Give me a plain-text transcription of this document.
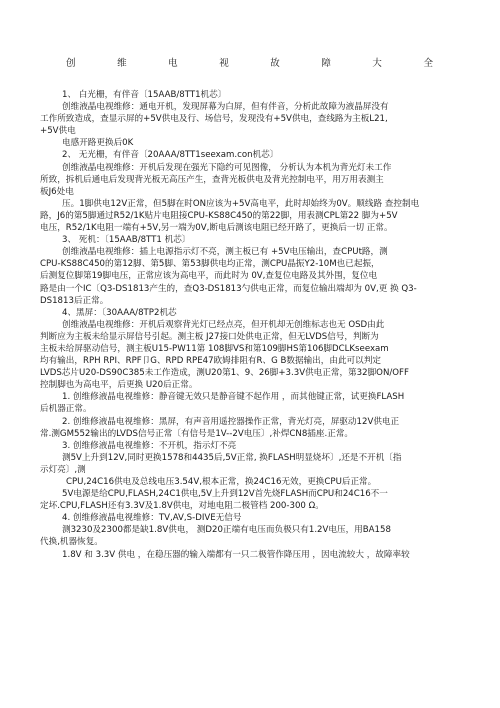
创	维	电	视	故	障	大	全

1、 白光栅，有伴音〔15AAB/8TT1机芯〕

创维液晶电视维修：通电开机，发现屏幕为白屏，但有伴音，分析此故障为液晶屏没有

工作所致造成，查显示屏的+5V供电及行、场信号，发现没有+5V供电，查线路为主板L21,

+5V供电

电感开路更换后0K

2、 无光栅，有伴音〔20AAA/8TT1seexam.con机芯〕

创维液晶电视维修：开机后发现在强光下隐约可见图像， 分析认为本机为背光灯未工作

所致，拆机后通电后发现背光板无高压产生，查背光板供电及背光控制电平，用万用表测主

板J6处电

压。1脚供电12V正常，但5脚在时ON应该为+5V高电平，此时却始终为0V。顺线路 查控制电

路，J6的第5脚通过R52/1K贴片电阻接CPU-KS88C450的第22脚，用表测CPL第22 脚为+5V

电压，R52/1K电阻一端有+5V,另一端为0V,断电后测该电阻已经开路了，更换后一切 正常。

3、 死机：〔15AAB/8TT1 机芯〕

创维液晶电视维修：插上电源指示灯不亮，测主板已有 +5V电压输出，查CPUt路，测

CPU-KS88C450的第12脚、第5脚、第53脚供电均正常，测CPU晶振Y2-10M也已起振，

后测复位脚第19脚电压，正常应该为高电平，而此时为 0V,查复位电路及其外围，复位电

路是由一个IC〔Q3-DS1813产生的，查Q3-DS1813勺供电正常，而复位输出端却为 0V,更 换 Q3-

DS1813后正常。

4、黑屏：〔30AAA/8TP2机芯

创维液晶电视维修：开机后观察背光灯已经点亮，但开机却无创维标志也无 OSD由此

判断应为主板未给显示屏信号引起。测主板 J27接口处供电正常，但无LVDS信号，判断为

主板未给屏驱动信号，测主板U15-PW11第 108脚VS和第109脚HS第106脚DCLKseexam

均有输出，RPH RPI、RPF卩G、RPD RPE47欧姆排阻有R、G B数据输出，由此可以判定

LVDS芯片U20-DS90C385未工作造成，测U20第1、9、26脚+3.3V供电正常，第32脚ON/OFF

控制脚也为高电平，后更换 U20后正常。

1. 创维修液晶电视维修：静音键无效只是静音键不起作用 ，而其他键正常，试更换FLASH

后机器正常。

2. 创维修液晶电视维修：黑屏，有声音用遥控器操作正常，背光灯亮，屏驱动12V供电正

常.测GM552输出的LVDS信号正常〔有信号是1V--2V电压〕,补焊CN8插座.正常。

3. 创维修液晶电视维修：不开机，指示灯不亮

测5V上升到12V,同时更换1578和4435后,5V正常, 换FLASH明显烧坏〕,还是不开机〔指

示灯亮〕,测

CPU,24C16供电及总线电压3.54V,根本正常，换24C16无效，更换CPU后正常。

5V电源是给CPU,FLASH,24C1供电,5V上升到12V首先烧FLASH而CPU和24C16不一

定坏.CPU,FLASH还有3.3V及1.8V供电，对地电阻二极管档 200-300 Ω。

4. 创维修液晶电视维修：TV,AV,S-DIVE无信号

测3230及2300都是缺1.8V供电， 测D20正端有电压而负极只有1.2V电压，用BA158

代换,机器恢复。

1.8V 和 3.3V 供电 ，在稳压器的输入端都有一只二极管作降压用 ，因电流较大 ，故障率较
